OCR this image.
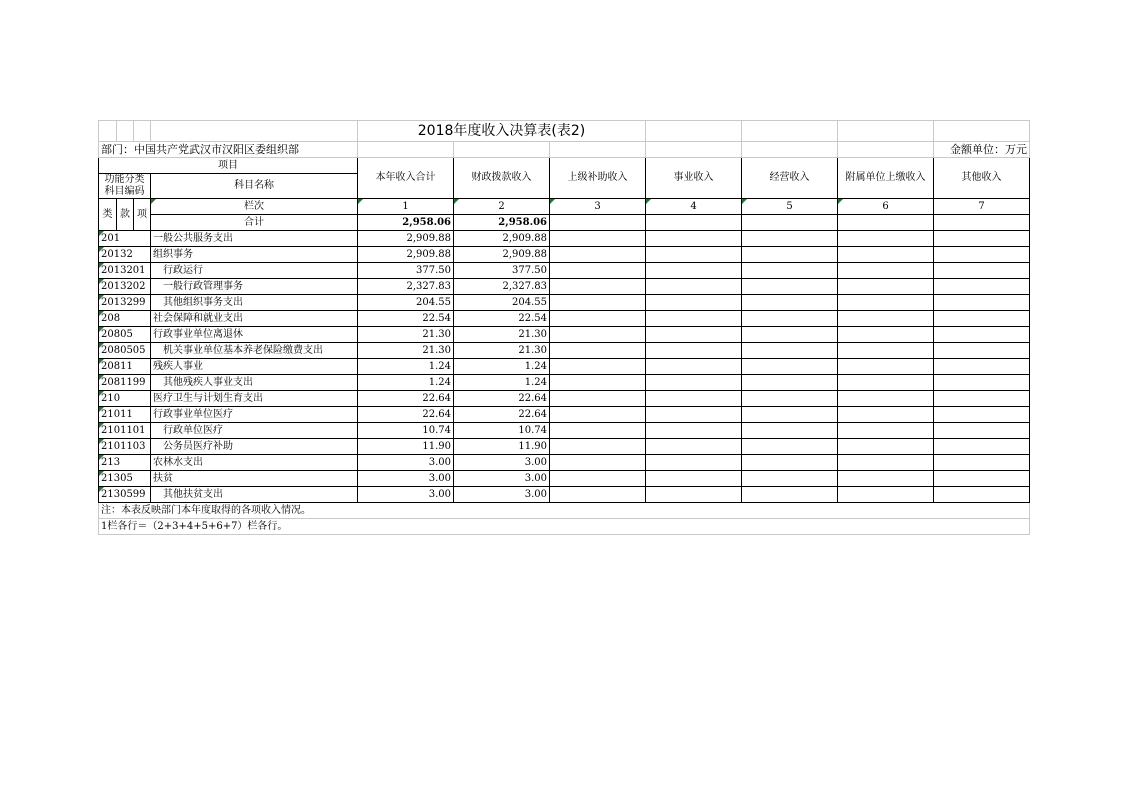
				2018年度收入决算表(表2)						
部门：中国共产党武汉市汉阳区委组织部										金额单位：万元
项目				本年收入合计	财政拨款收入	上级补助收入	事业收入	经营收入	附属单位上缴收入	其他收入

功能分类
科目编码			科目名称							

类	款	项	栏次	1	2	3	4	5	6	7
			合计	2,958.06	2,958.06					
201			一般公共服务支出	2,909.88	2,909.88					
20132			组织事务	2,909.88	2,909.88					
2013201			行政运行	377.50	377.50					
2013202			一般行政管理事务	2,327.83	2,327.83					
2013299			其他组织事务支出	204.55	204.55					
208			社会保障和就业支出	22.54	22.54					
20805			行政事业单位离退休	21.30	21.30					
2080505			机关事业单位基本养老保险缴费支出	21.30	21.30					
20811			残疾人事业	1.24	1.24					
2081199			其他残疾人事业支出	1.24	1.24					
210			医疗卫生与计划生育支出	22.64	22.64					
21011			行政事业单位医疗	22.64	22.64					
2101101			行政单位医疗	10.74	10.74					
2101103			公务员医疗补助	11.90	11.90					
213			农林水支出	3.00	3.00					
21305			扶贫	3.00	3.00					
2130599			其他扶贫支出	3.00	3.00					
注：本表反映部门本年度取得的各项收入情况。										
1栏各行＝（2+3+4+5+6+7）栏各行。										
